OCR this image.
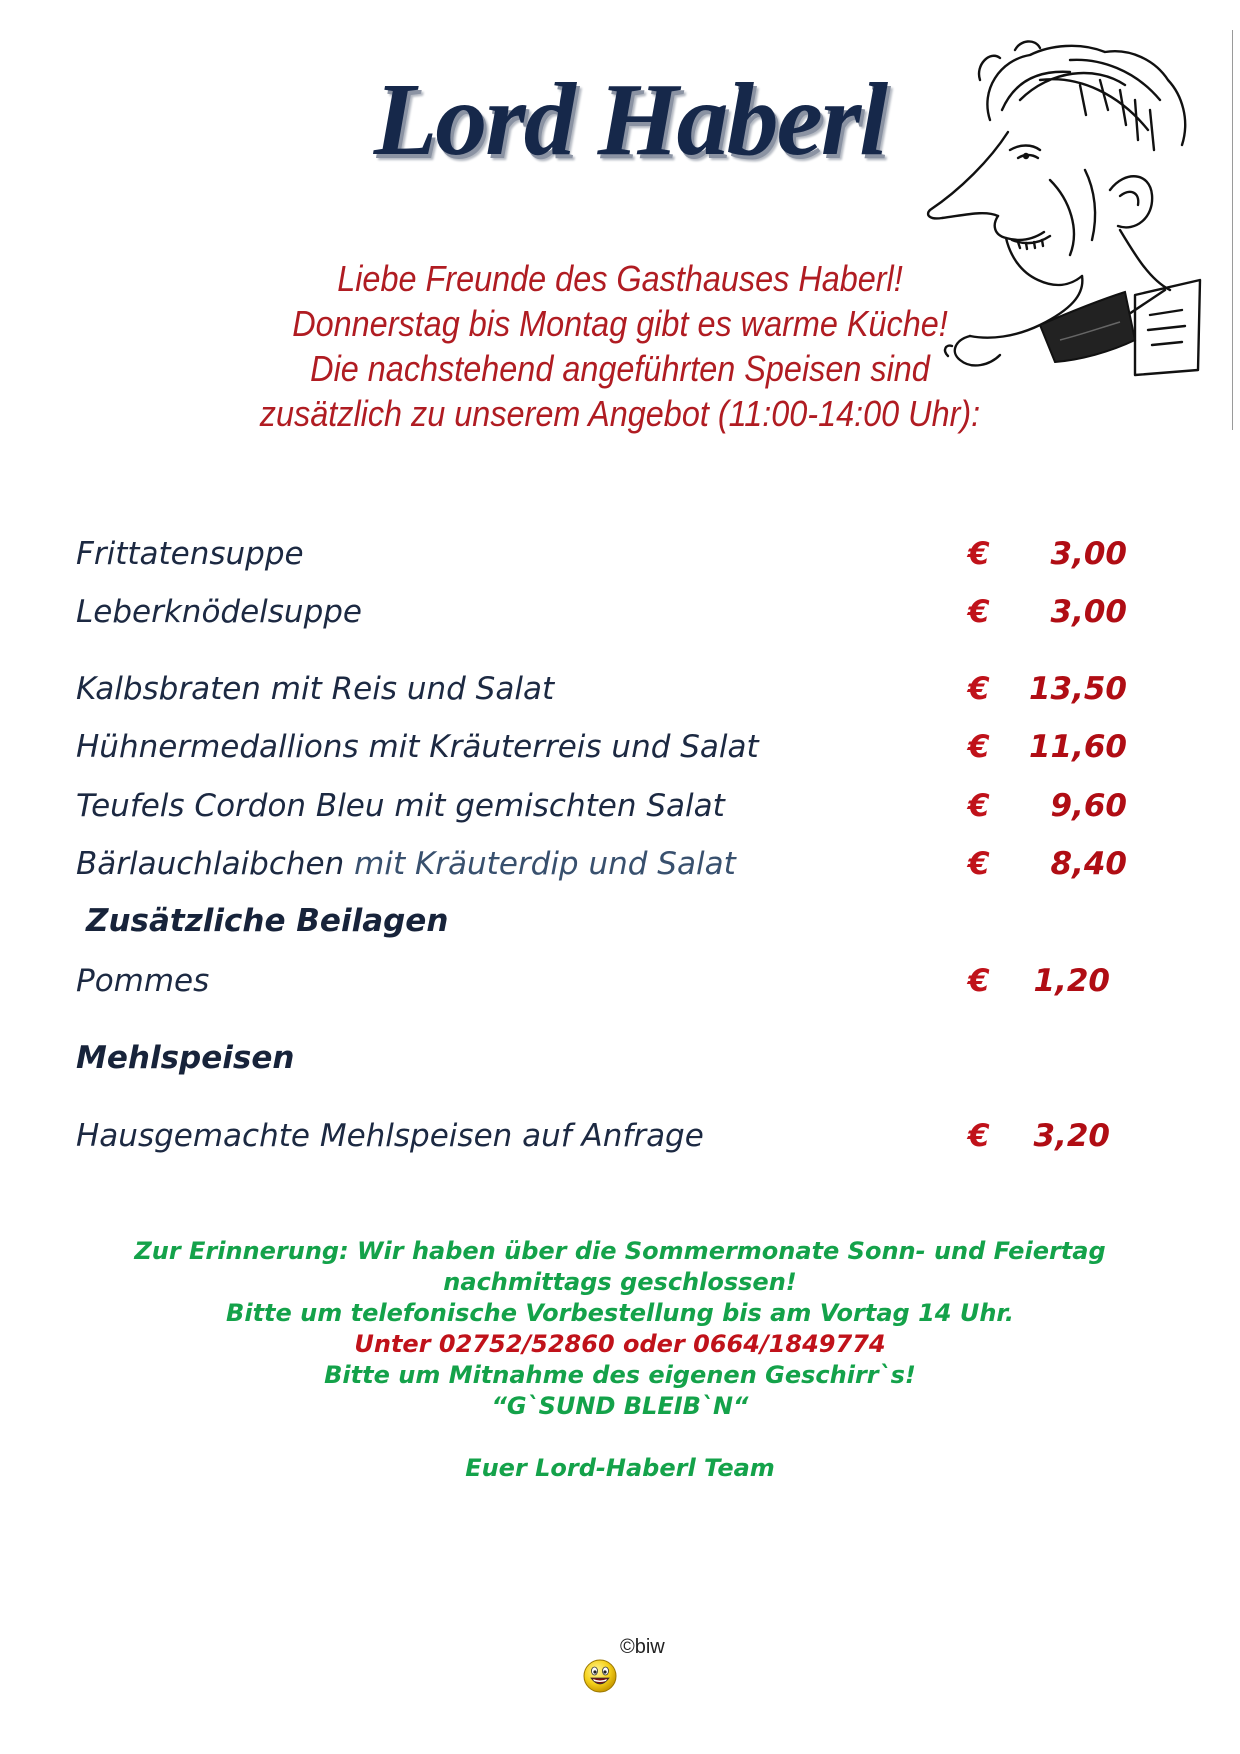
Lord Haberl
Liebe Freunde des Gasthauses Haberl!
Donnerstag bis Montag gibt es warme Küche!
Die nachstehend angeführten Speisen sind
zusätzlich zu unserem Angebot (11:00-14:00 Uhr):
Frittatensuppe	€	3,00
Leberknödelsuppe	€	3,00
Kalbsbraten mit Reis und Salat	€	13,50
Hühnermedallions mit Kräuterreis und Salat	€	11,60
Teufels Cordon Bleu mit gemischten Salat	€	9,60
Bärlauchlaibchen mit Kräuterdip und Salat	€	8,40
Zusätzliche Beilagen
Pommes	€	1,20
Mehlspeisen
Hausgemachte Mehlspeisen auf Anfrage	€	3,20
Zur Erinnerung: Wir haben über die Sommermonate Sonn- und Feiertag
nachmittags geschlossen!
Bitte um telefonische Vorbestellung bis am Vortag 14 Uhr.
Unter 02752/52860 oder 0664/1849774
Bitte um Mitnahme des eigenen Geschirr`s!
“G`SUND BLEIB`N“
Euer Lord-Haberl Team
©biw
